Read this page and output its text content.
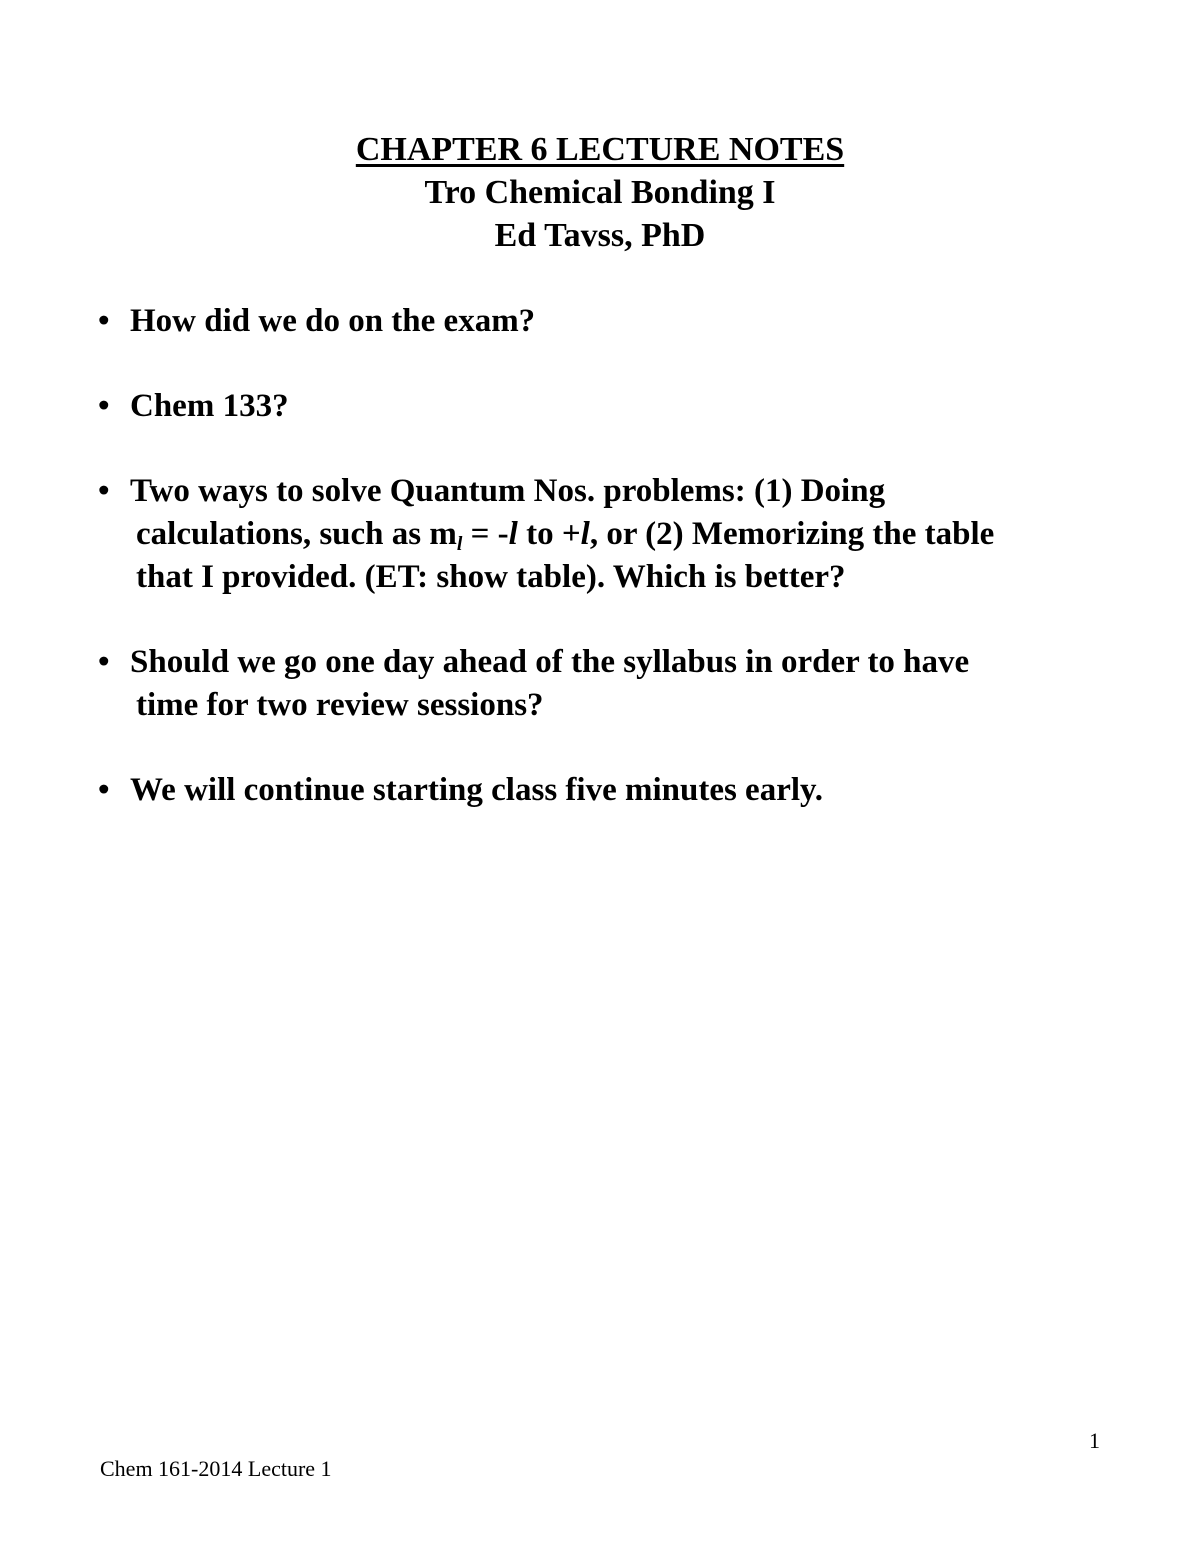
CHAPTER 6 LECTURE NOTES
Tro Chemical Bonding I
Ed Tavss, PhD
• How did we do on the exam?
• Chem 133?
• Two ways to solve Quantum Nos. problems: (1) Doing
calculations, such as $m_l = -l$ to +l, or (2) Memorizing the table
that I provided. (ET: show table). Which is better?
• Should we go one day ahead of the syllabus in order to have
time for two review sessions?
• We will continue starting class five minutes early.
1
Chem 161-2014 Lecture 1
